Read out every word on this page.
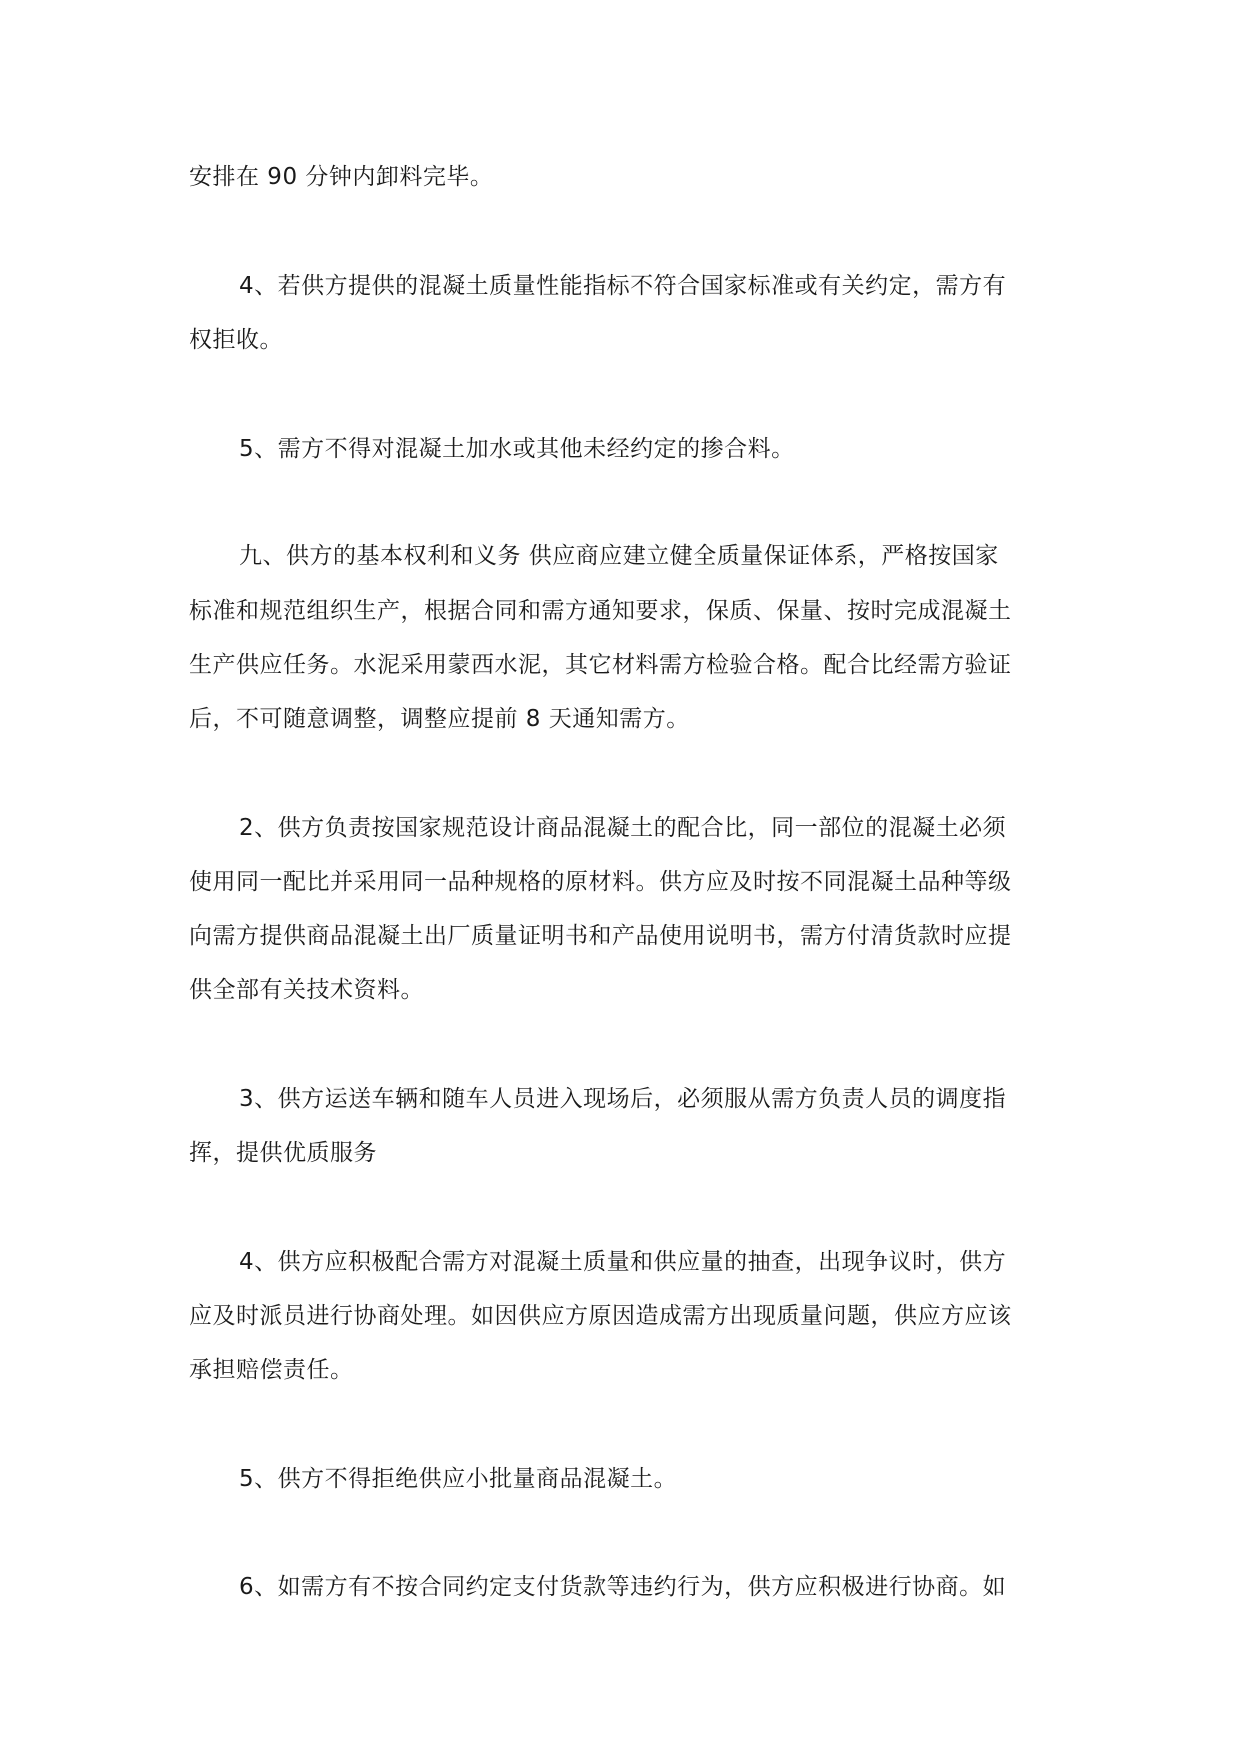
安排在 90 分钟内卸料完毕。
4、若供方提供的混凝土质量性能指标不符合国家标准或有关约定，需方有
权拒收。
5、需方不得对混凝土加水或其他未经约定的掺合料。
九、供方的基本权利和义务 供应商应建立健全质量保证体系，严格按国家
标准和规范组织生产，根据合同和需方通知要求，保质、保量、按时完成混凝土
生产供应任务。水泥采用蒙西水泥，其它材料需方检验合格。配合比经需方验证
后，不可随意调整，调整应提前 8 天通知需方。
2、供方负责按国家规范设计商品混凝土的配合比，同一部位的混凝土必须
使用同一配比并采用同一品种规格的原材料。供方应及时按不同混凝土品种等级
向需方提供商品混凝土出厂质量证明书和产品使用说明书，需方付清货款时应提
供全部有关技术资料。
3、供方运送车辆和随车人员进入现场后，必须服从需方负责人员的调度指
挥，提供优质服务
4、供方应积极配合需方对混凝土质量和供应量的抽查，出现争议时，供方
应及时派员进行协商处理。如因供应方原因造成需方出现质量问题，供应方应该
承担赔偿责任。
5、供方不得拒绝供应小批量商品混凝土。
6、如需方有不按合同约定支付货款等违约行为，供方应积极进行协商。如
